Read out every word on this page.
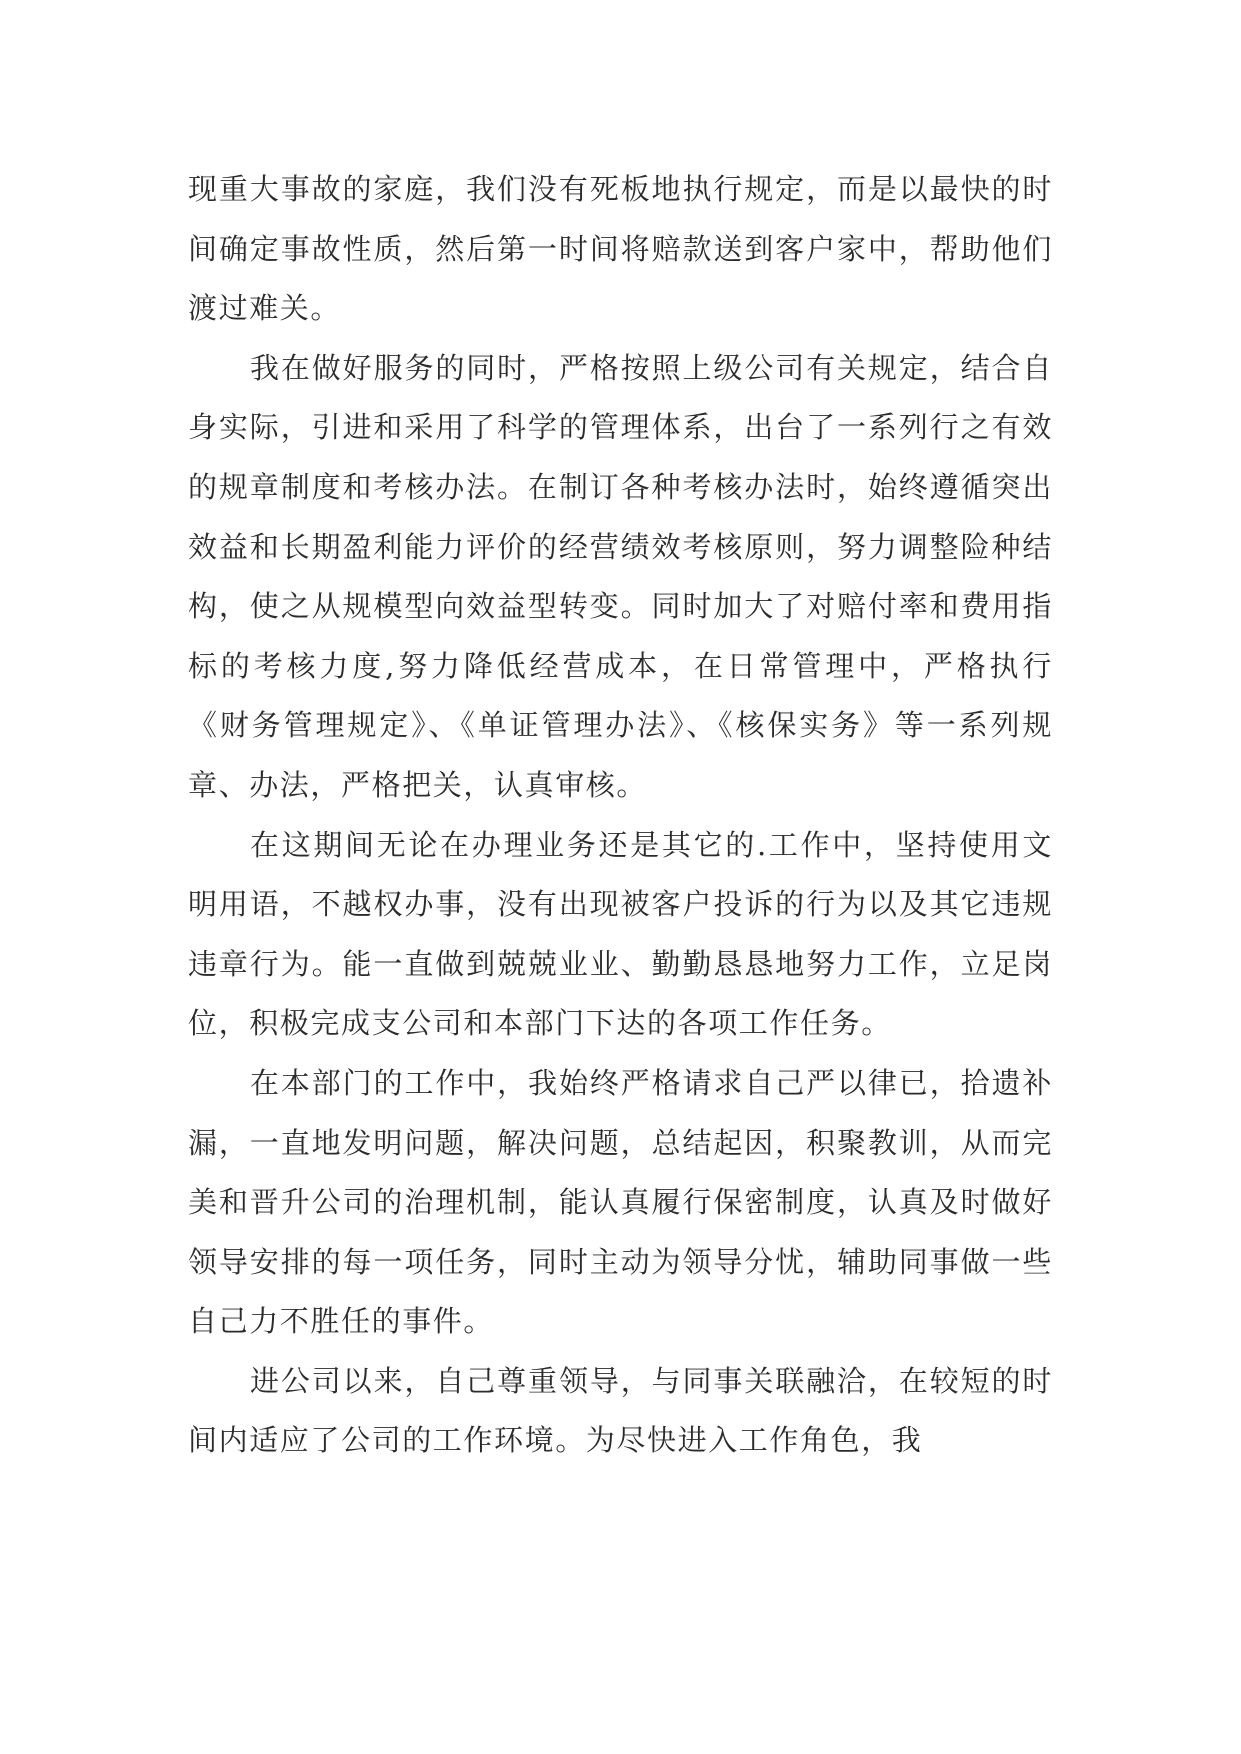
现重大事故的家庭，我们没有死板地执行规定，而是以最快的时间确定事故性质，然后第一时间将赔款送到客户家中，帮助他们渡过难关。

我在做好服务的同时，严格按照上级公司有关规定，结合自身实际，引进和采用了科学的管理体系，出台了一系列行之有效的规章制度和考核办法。在制订各种考核办法时，始终遵循突出效益和长期盈利能力评价的经营绩效考核原则，努力调整险种结构，使之从规模型向效益型转变。同时加大了对赔付率和费用指标的考核力度,努力降低经营成本，在日常管理中，严格执行《财务管理规定》、《单证管理办法》、《核保实务》等一系列规章、办法，严格把关，认真审核。

在这期间无论在办理业务还是其它的.工作中，坚持使用文明用语，不越权办事，没有出现被客户投诉的行为以及其它违规违章行为。能一直做到兢兢业业、勤勤恳恳地努力工作，立足岗位，积极完成支公司和本部门下达的各项工作任务。

在本部门的工作中，我始终严格请求自己严以律已，拾遗补漏，一直地发明问题，解决问题，总结起因，积聚教训，从而完美和晋升公司的治理机制，能认真履行保密制度，认真及时做好领导安排的每一项任务，同时主动为领导分忧，辅助同事做一些自己力不胜任的事件。

进公司以来，自己尊重领导，与同事关联融洽，在较短的时间内适应了公司的工作环境。为尽快进入工作角色，我
